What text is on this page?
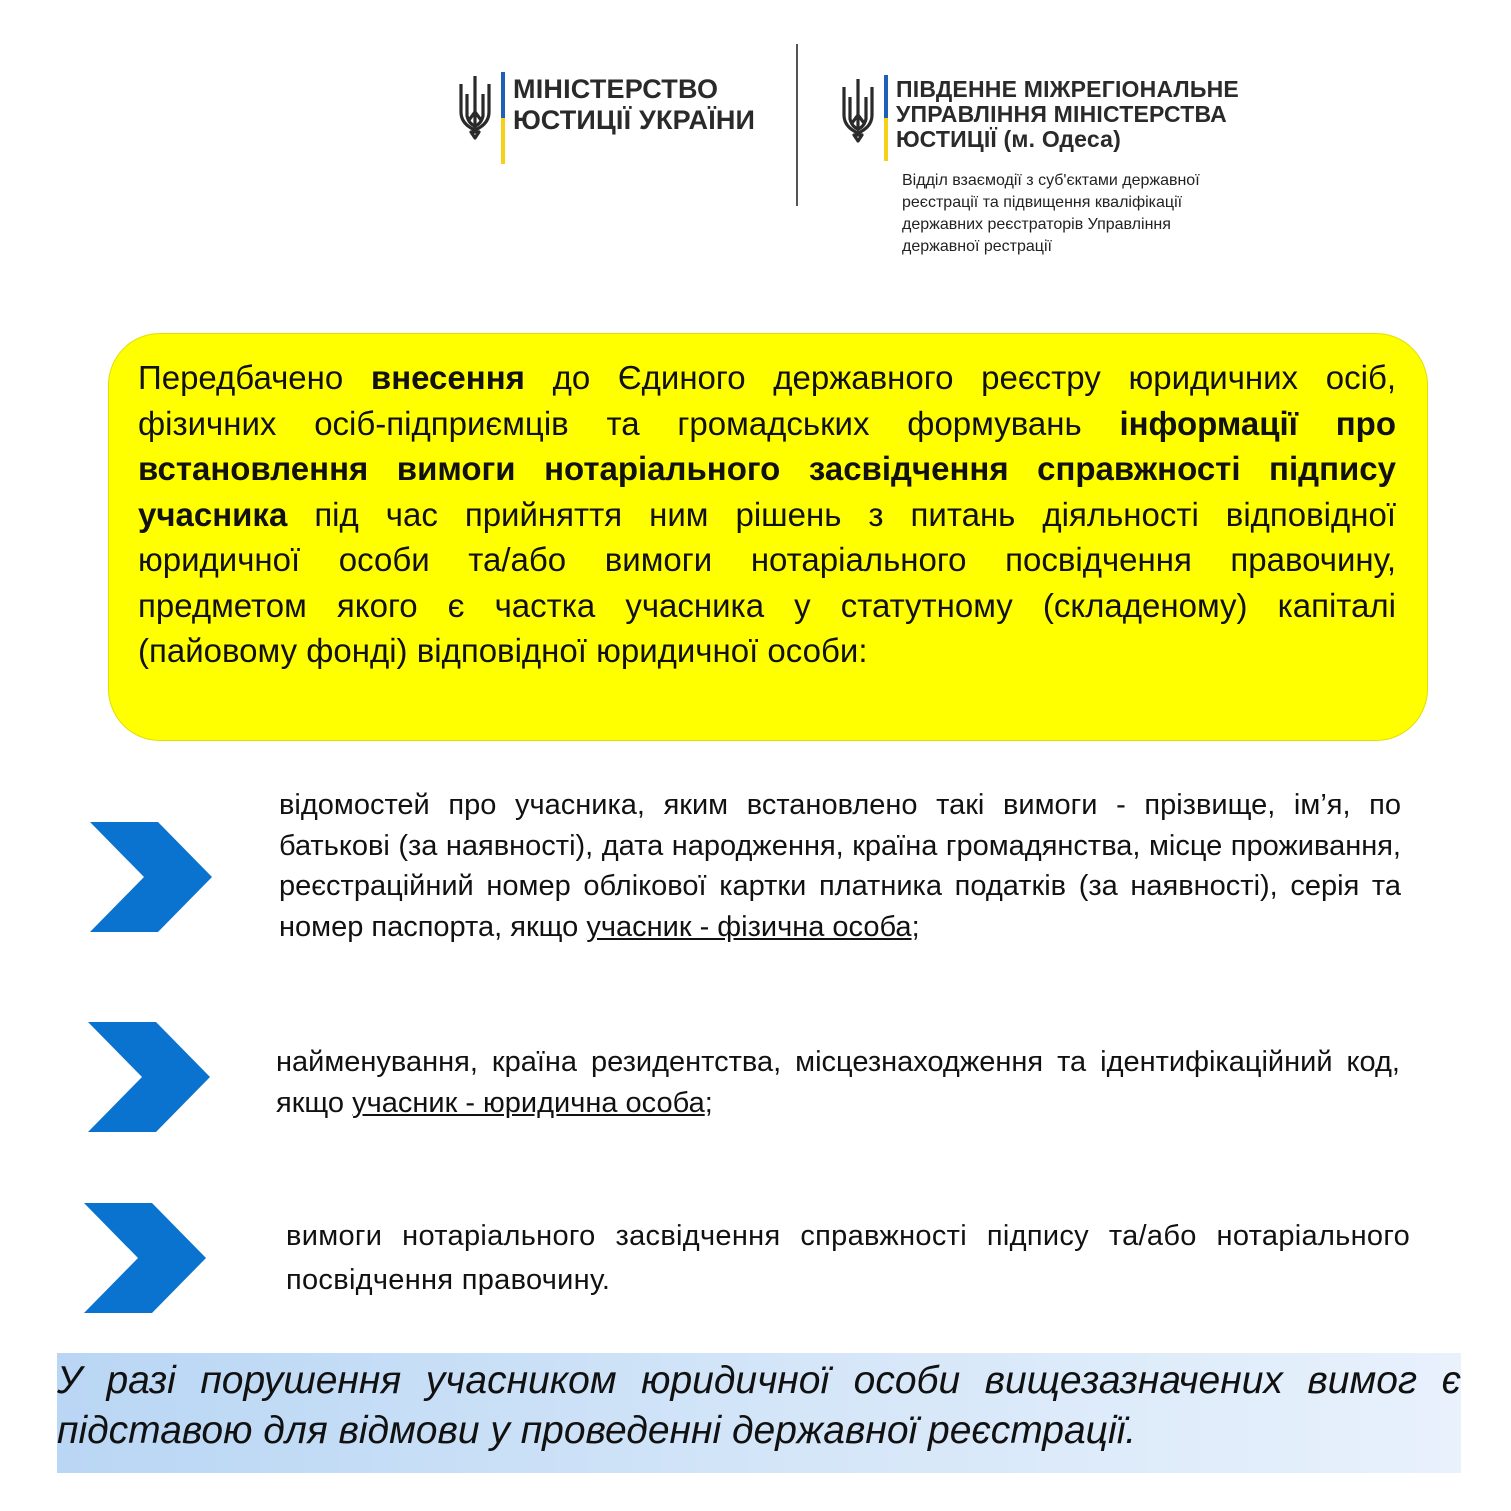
МІНІСТЕРСТВО
ЮСТИЦІЇ УКРАЇНИ
ПІВДЕННЕ МІЖРЕГІОНАЛЬНЕ
УПРАВЛІННЯ МІНІСТЕРСТВА
ЮСТИЦІЇ (м. Одеса)
Відділ взаємодії з суб'єктами державної
реєстрації та підвищення кваліфікації
державних реєстраторів Управління
державної рестрації
Передбачено внесення до Єдиного державного реєстру юридичних осіб, фізичних осіб-підприємців та громадських формувань інформації про встановлення вимоги нотаріального засвідчення справжності підпису учасника під час прийняття ним рішень з питань діяльності відповідної юридичної особи та/або вимоги нотаріального посвідчення правочину, предметом якого є частка учасника у статутному (складеному) капіталі (пайовому фонді) відповідної юридичної особи:
відомостей про учасника, яким встановлено такі вимоги - прізвище, ім’я, по батькові (за наявності), дата народження, країна громадянства, місце проживання, реєстраційний номер облікової картки платника податків (за наявності), серія та номер паспорта, якщо учасник - фізична особа;
найменування, країна резидентства, місцезнаходження та ідентифікаційний код, якщо учасник - юридична особа;
вимоги нотаріального засвідчення справжності підпису та/або нотаріального посвідчення правочину.
У разі порушення учасником юридичної особи вищезазначених вимог є підставою для відмови у проведенні державної реєстрації.
